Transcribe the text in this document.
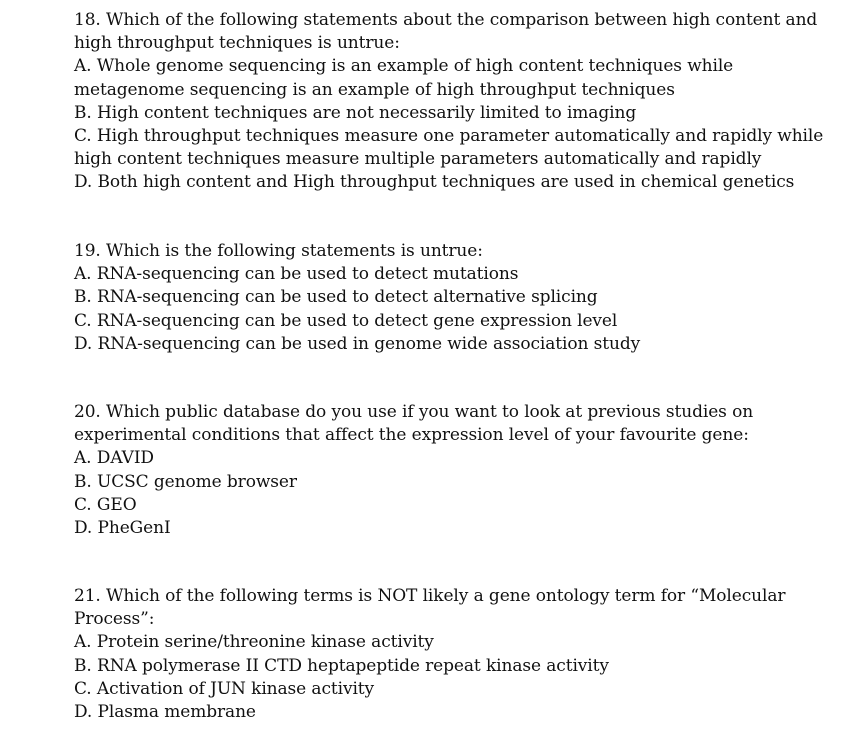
18. Which of the following statements about the comparison between high content and high throughput techniques is untrue:

A. Whole genome sequencing is an example of high content techniques while metagenome sequencing is an example of high throughput techniques

B. High content techniques are not necessarily limited to imaging

C. High throughput techniques measure one parameter automatically and rapidly while high content techniques measure multiple parameters automatically and rapidly

D. Both high content and High throughput techniques are used in chemical genetics

19. Which is the following statements is untrue:

A. RNA-sequencing can be used to detect mutations

B. RNA-sequencing can be used to detect alternative splicing

C. RNA-sequencing can be used to detect gene expression level

D. RNA-sequencing can be used in genome wide association study

20. Which public database do you use if you want to look at previous studies on experimental conditions that affect the expression level of your favourite gene:

A. DAVID

B. UCSC genome browser

C. GEO

D. PheGenI

21. Which of the following terms is NOT likely a gene ontology term for “Molecular Process”:

A. Protein serine/threonine kinase activity

B. RNA polymerase II CTD heptapeptide repeat kinase activity

C. Activation of JUN kinase activity

D. Plasma membrane
